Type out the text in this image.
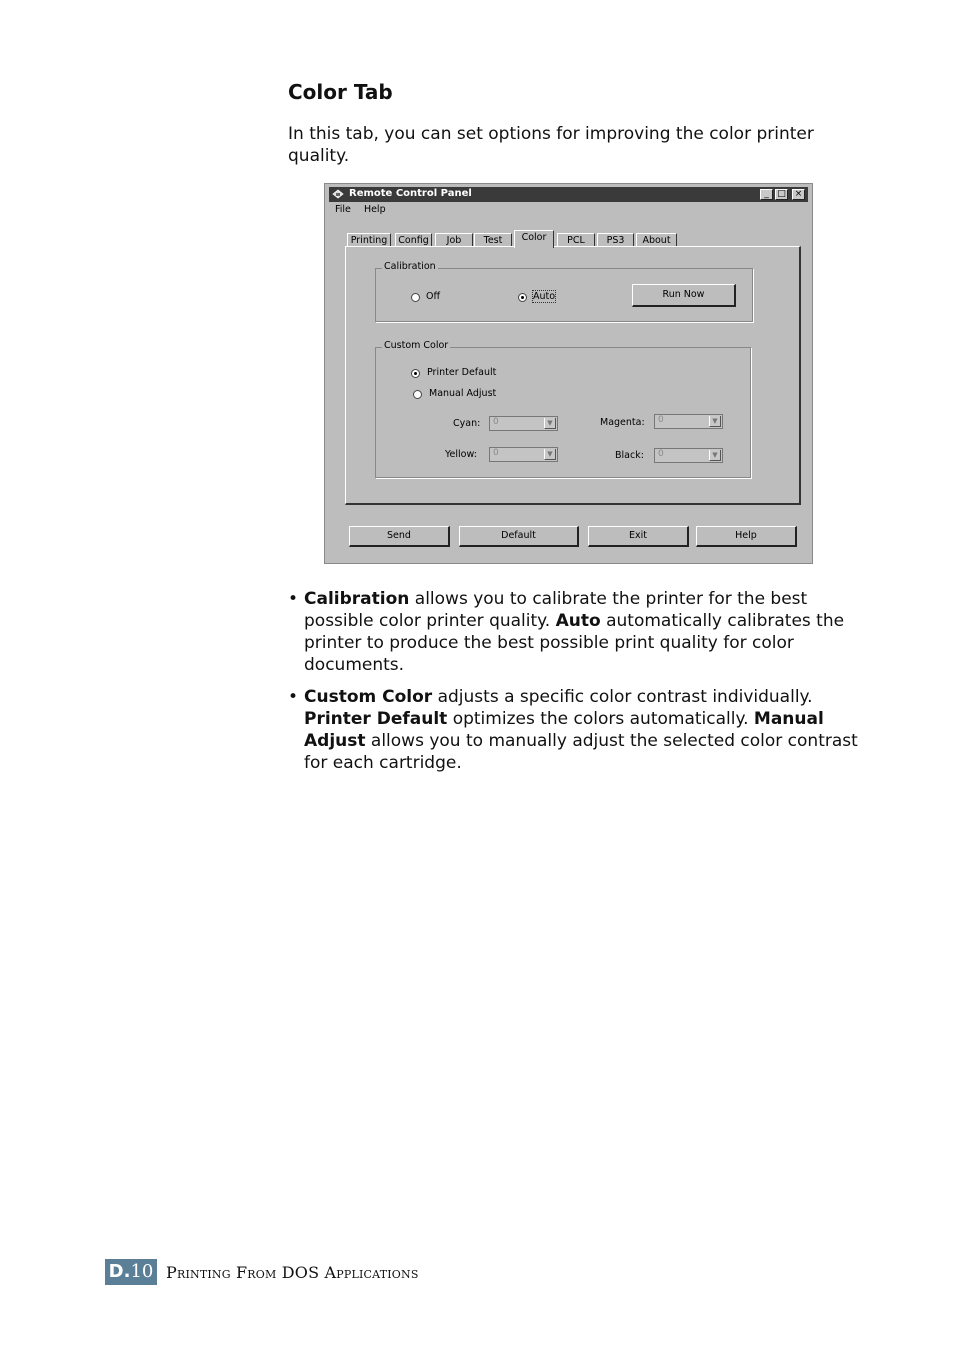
Color Tab
In this tab, you can set options for improving the color printer quality.
Remote Control Panel	_ □ ×
File Help
Printing	Config	Job	Test	Color	PCL	PS3	About
Calibration
Off	Auto	Run Now
Custom Color
Printer Default
Manual Adjust
Cyan: 0	▼	Magenta: 0	▼
Yellow: 0	▼	Black: 0	▼
Send	Default	Exit	Help
• Calibration allows you to calibrate the printer for the best possible color printer quality. Auto automatically calibrates the printer to produce the best possible print quality for color documents.
• Custom Color adjusts a specific color contrast individually. Printer Default optimizes the colors automatically. Manual Adjust allows you to manually adjust the selected color contrast for each cartridge.
D.10 Printing From DOS Applications
